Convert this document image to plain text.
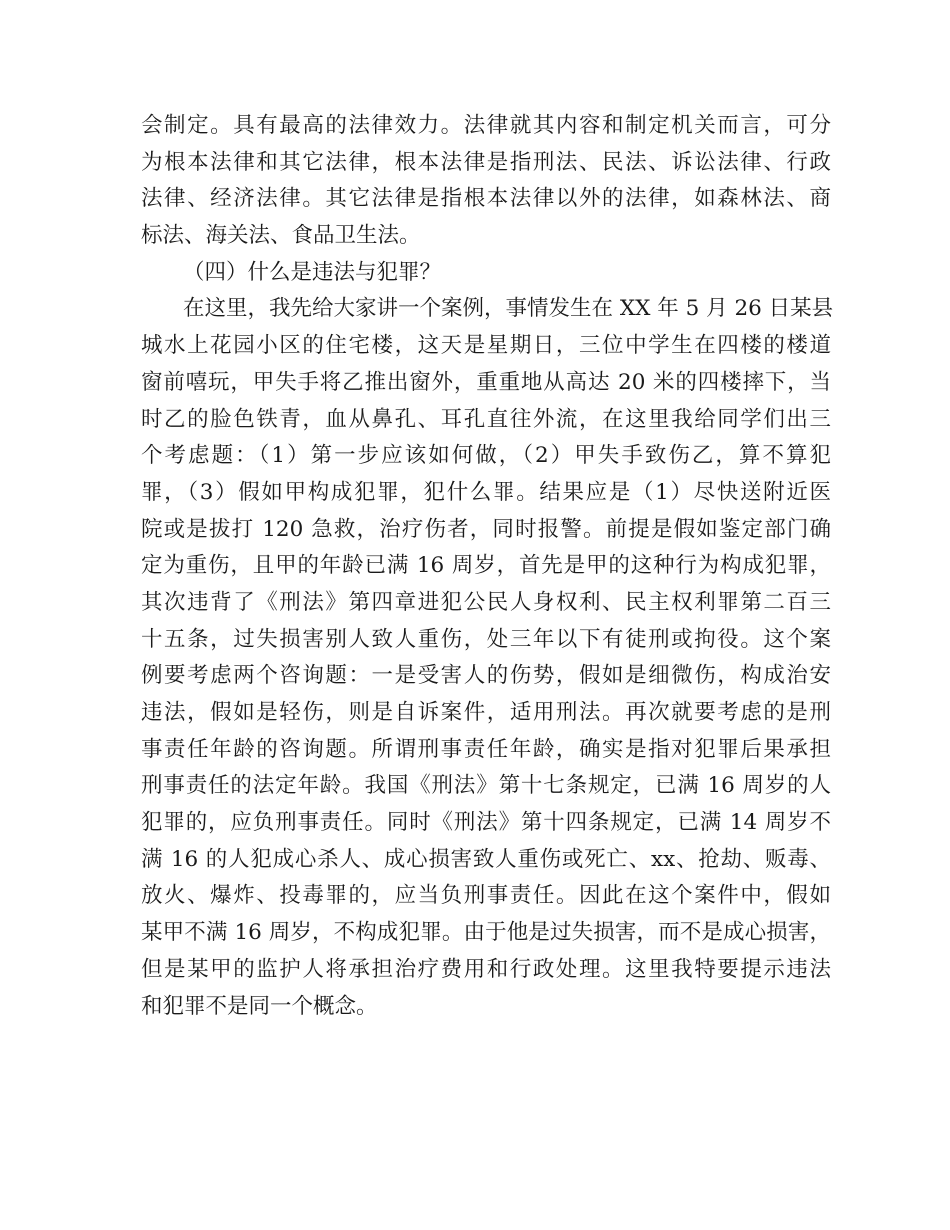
会制定。具有最高的法律效力。法律就其内容和制定机关而言，可分
为根本法律和其它法律，根本法律是指刑法、民法、诉讼法律、行政
法律、经济法律。其它法律是指根本法律以外的法律，如森林法、商
标法、海关法、食品卫生法。
（四）什么是违法与犯罪？
在这里，我先给大家讲一个案例，事情发生在 XX 年 5 月 26 日某县
城水上花园小区的住宅楼，这天是星期日，三位中学生在四楼的楼道
窗前嘻玩，甲失手将乙推出窗外，重重地从高达 20 米的四楼摔下，当
时乙的脸色铁青，血从鼻孔、耳孔直往外流，在这里我给同学们出三
个考虑题：（1）第一步应该如何做，（2）甲失手致伤乙，算不算犯
罪，（3）假如甲构成犯罪，犯什么罪。结果应是（1）尽快送附近医
院或是拔打 120 急救，治疗伤者，同时报警。前提是假如鉴定部门确
定为重伤，且甲的年龄已满 16 周岁，首先是甲的这种行为构成犯罪，
其次违背了《刑法》第四章进犯公民人身权利、民主权利罪第二百三
十五条，过失损害别人致人重伤，处三年以下有徒刑或拘役。这个案
例要考虑两个咨询题：一是受害人的伤势，假如是细微伤，构成治安
违法，假如是轻伤，则是自诉案件，适用刑法。再次就要考虑的是刑
事责任年龄的咨询题。所谓刑事责任年龄，确实是指对犯罪后果承担
刑事责任的法定年龄。我国《刑法》第十七条规定，已满 16 周岁的人
犯罪的，应负刑事责任。同时《刑法》第十四条规定，已满 14 周岁不
满 16 的人犯成心杀人、成心损害致人重伤或死亡、xx、抢劫、贩毒、
放火、爆炸、投毒罪的，应当负刑事责任。因此在这个案件中，假如
某甲不满 16 周岁，不构成犯罪。由于他是过失损害，而不是成心损害，
但是某甲的监护人将承担治疗费用和行政处理。这里我特要提示违法
和犯罪不是同一个概念。
